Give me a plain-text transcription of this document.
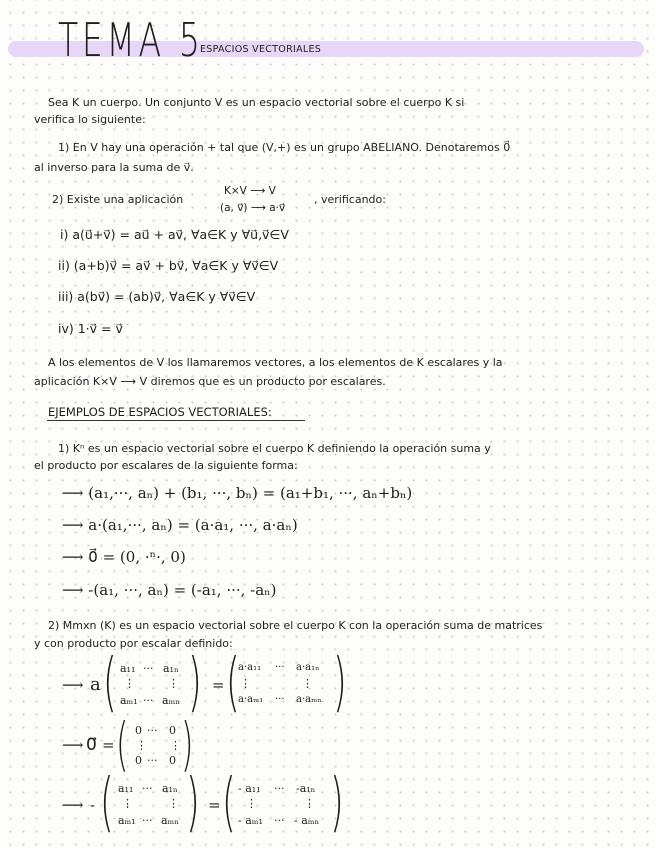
TEMA 5
ESPACIOS VECTORIALES
Sea K un cuerpo. Un conjunto V es un espacio vectorial sobre el cuerpo K si
verifica lo siguiente:
1) En V hay una operación + tal que (V,+) es un grupo ABELIANO. Denotaremos 0⃗
al inverso para la suma de v⃗.
2) Existe una aplicación
K×V ⟶ V
(a, v⃗) ⟶ a·v⃗
, verificando:
i) a(u⃗+v⃗) = au⃗ + av⃗, ∀a∈K y ∀u⃗,v⃗∈V
ii) (a+b)v⃗ = av⃗ + bv⃗, ∀a∈K y ∀v⃗∈V
iii) a(bv⃗) = (ab)v⃗, ∀a∈K y ∀v⃗∈V
iv) 1·v⃗ = v⃗
A los elementos de V los llamaremos vectores, a los elementos de K escalares y la
aplicación K×V ⟶ V diremos que es un producto por escalares.
EJEMPLOS DE ESPACIOS VECTORIALES:
1) Kⁿ es un espacio vectorial sobre el cuerpo K definiendo la operación suma y
el producto por escalares de la siguiente forma:
⟶ (a₁,···, aₙ) + (b₁, ···, bₙ) = (a₁+b₁, ···, aₙ+bₙ)
⟶ a·(a₁,···, aₙ) = (a·a₁, ···, a·aₙ)
⟶ 0⃗ = (0, ·ⁿ·, 0)
⟶ -(a₁, ···, aₙ) = (-a₁, ···, -aₙ)
2) Mmxn (K) es un espacio vectorial sobre el cuerpo K con la operación suma de matrices
y con producto por escalar definido:
⟶ a ( a₁₁ ··· a₁ₙ
⋮	⋮
aₘ₁ ··· aₘₙ ) = (
a·a₁₁ ··· a·a₁ₙ
⋮	⋮
a·aₘ₁ ··· a·aₘₙ )
⟶ 0⃗ = ( 0 ··· 0
⋮ ⋮
0 ··· 0 )
⟶ - ( a₁₁ ··· a₁ₙ
⋮	⋮
aₘ₁ ··· aₘₙ ) = ( - a₁₁ ··· -a₁ₙ
⋮	⋮
- aₘ₁ ··· - aₘₙ )
